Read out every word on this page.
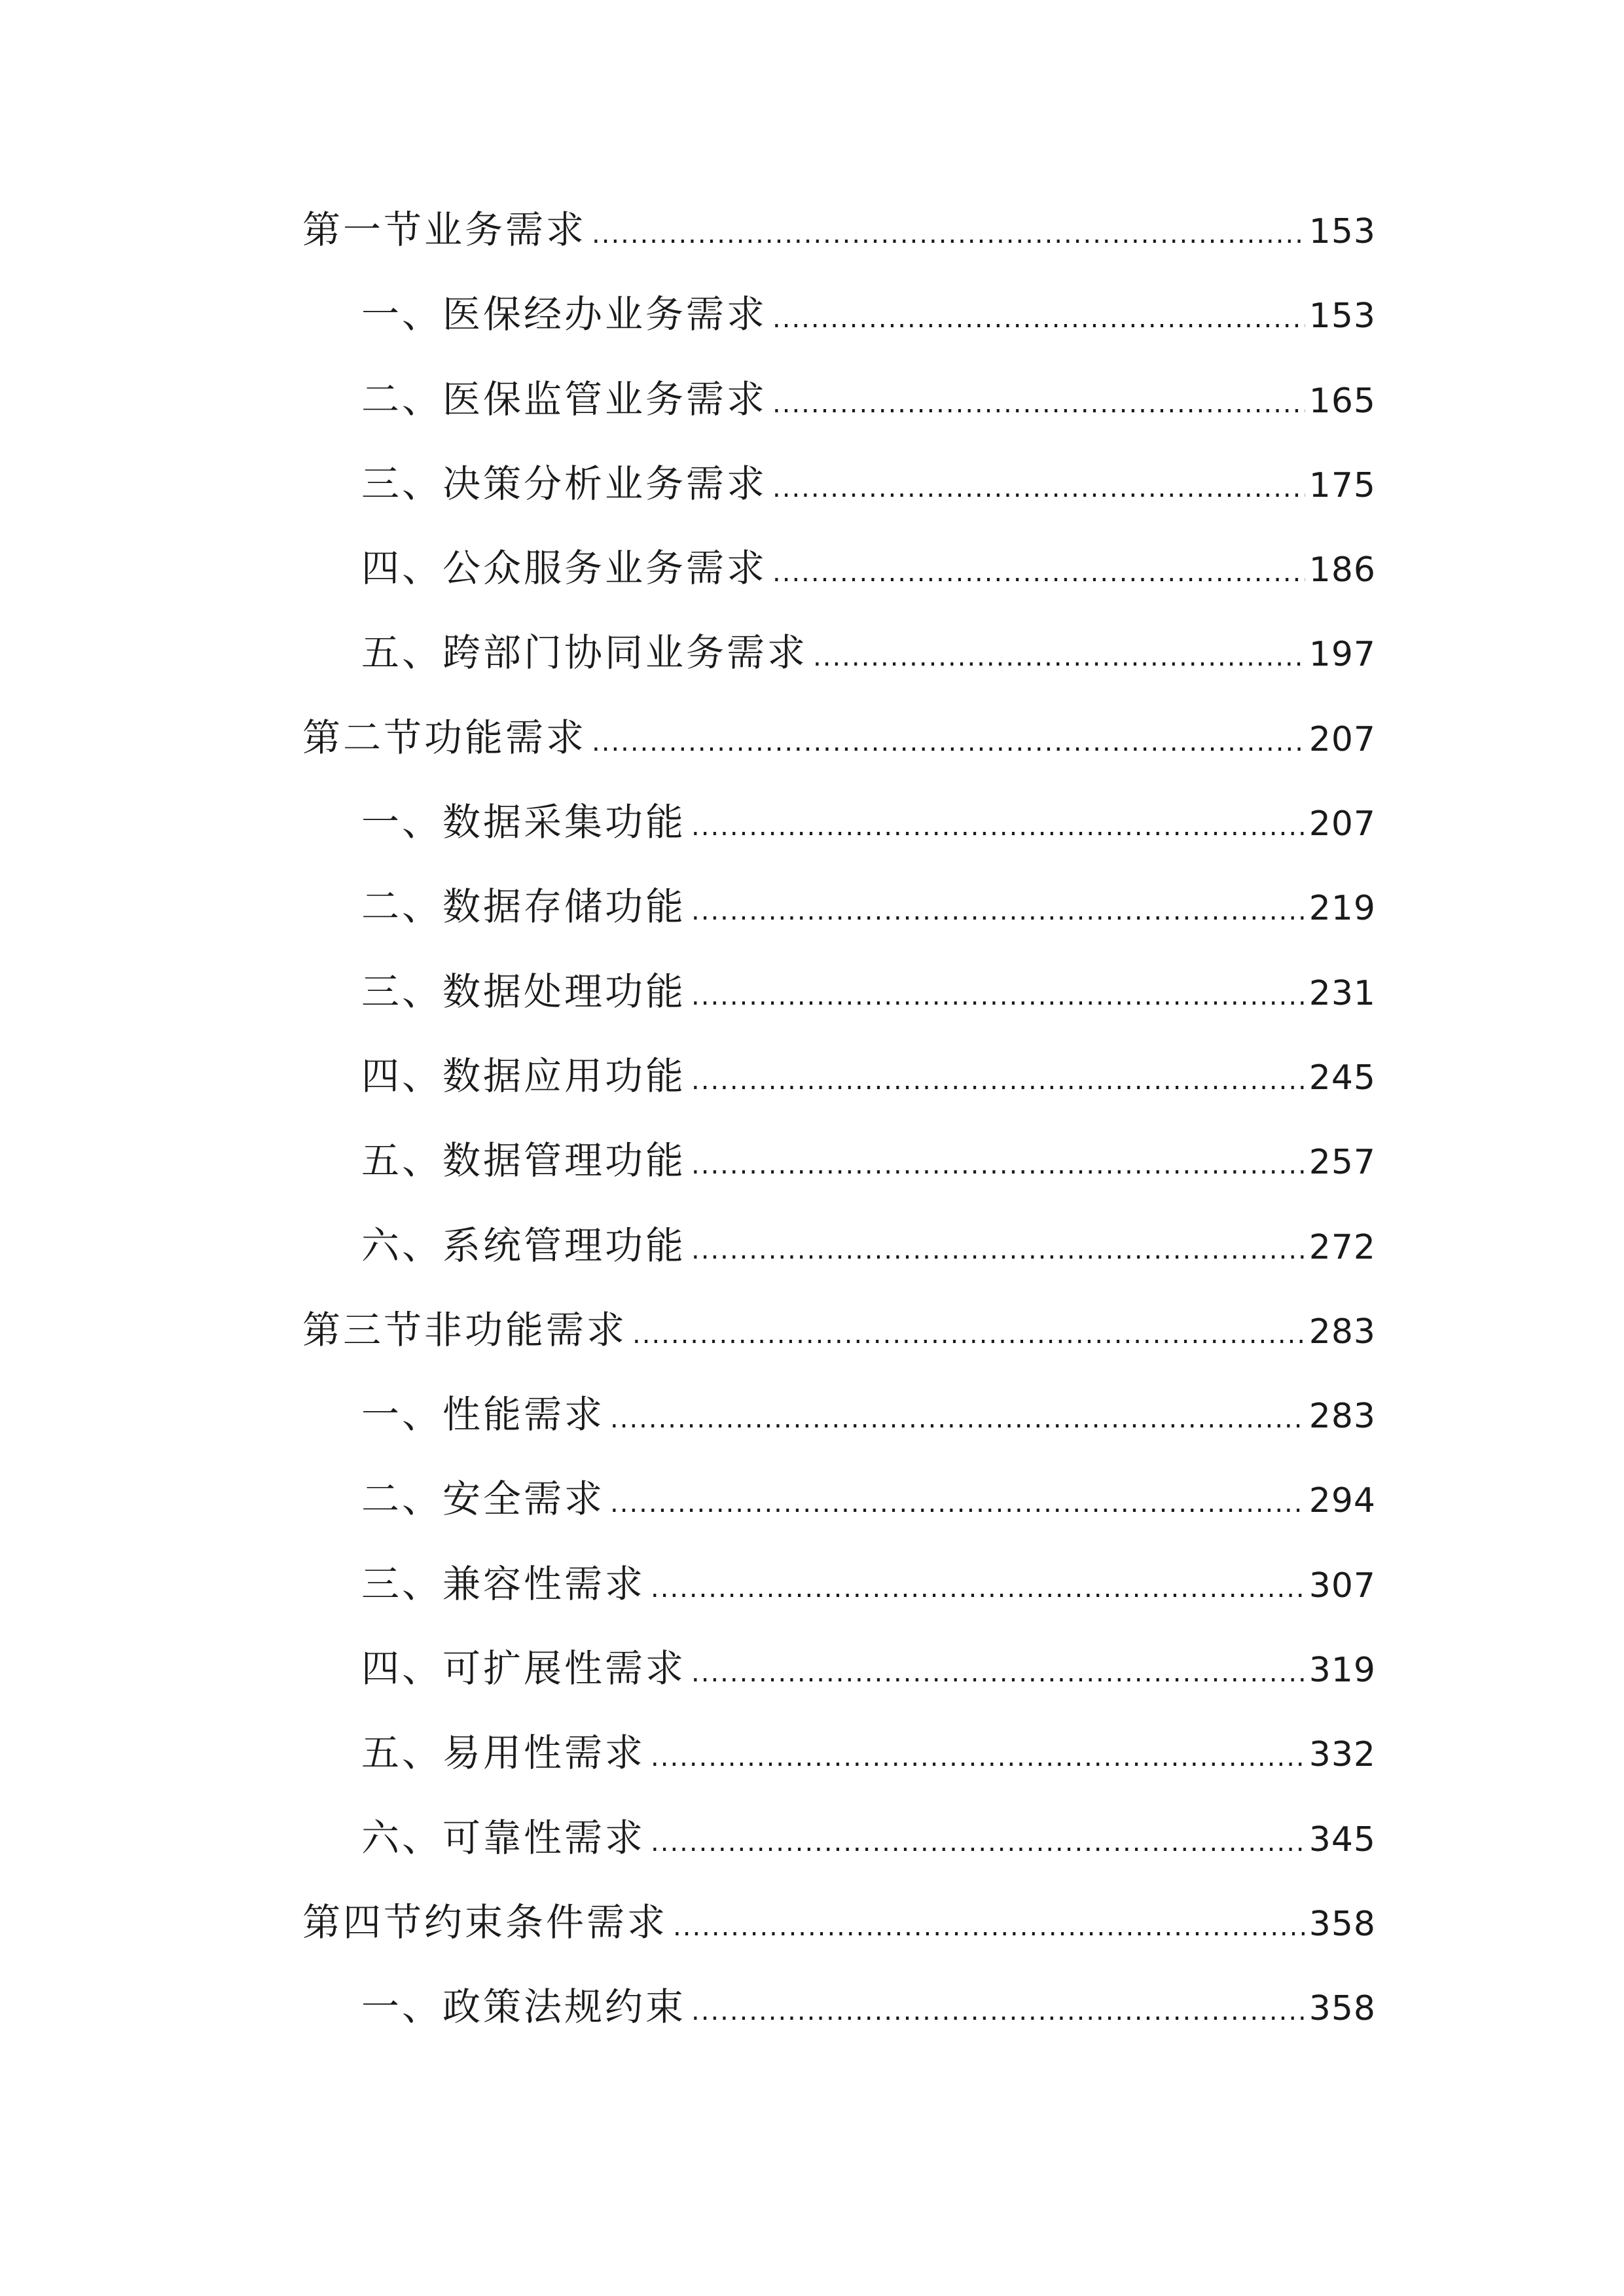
第一节业务需求 .....	153
一、医保经办业务需求 .....	153
二、医保监管业务需求 .....	165
三、决策分析业务需求 .....	175
四、公众服务业务需求 .....	186
五、跨部门协同业务需求 .....	197
第二节功能需求 .....	207
一、数据采集功能 .....	207
二、数据存储功能 .....	219
三、数据处理功能 .....	231
四、数据应用功能 .....	245
五、数据管理功能 .....	257
六、系统管理功能 .....	272
第三节非功能需求 .....	283
一、性能需求 .....	283
二、安全需求 .....	294
三、兼容性需求 .....	307
四、可扩展性需求 .....	319
五、易用性需求 .....	332
六、可靠性需求 .....	345
第四节约束条件需求 .....	358
一、政策法规约束 .....	358
